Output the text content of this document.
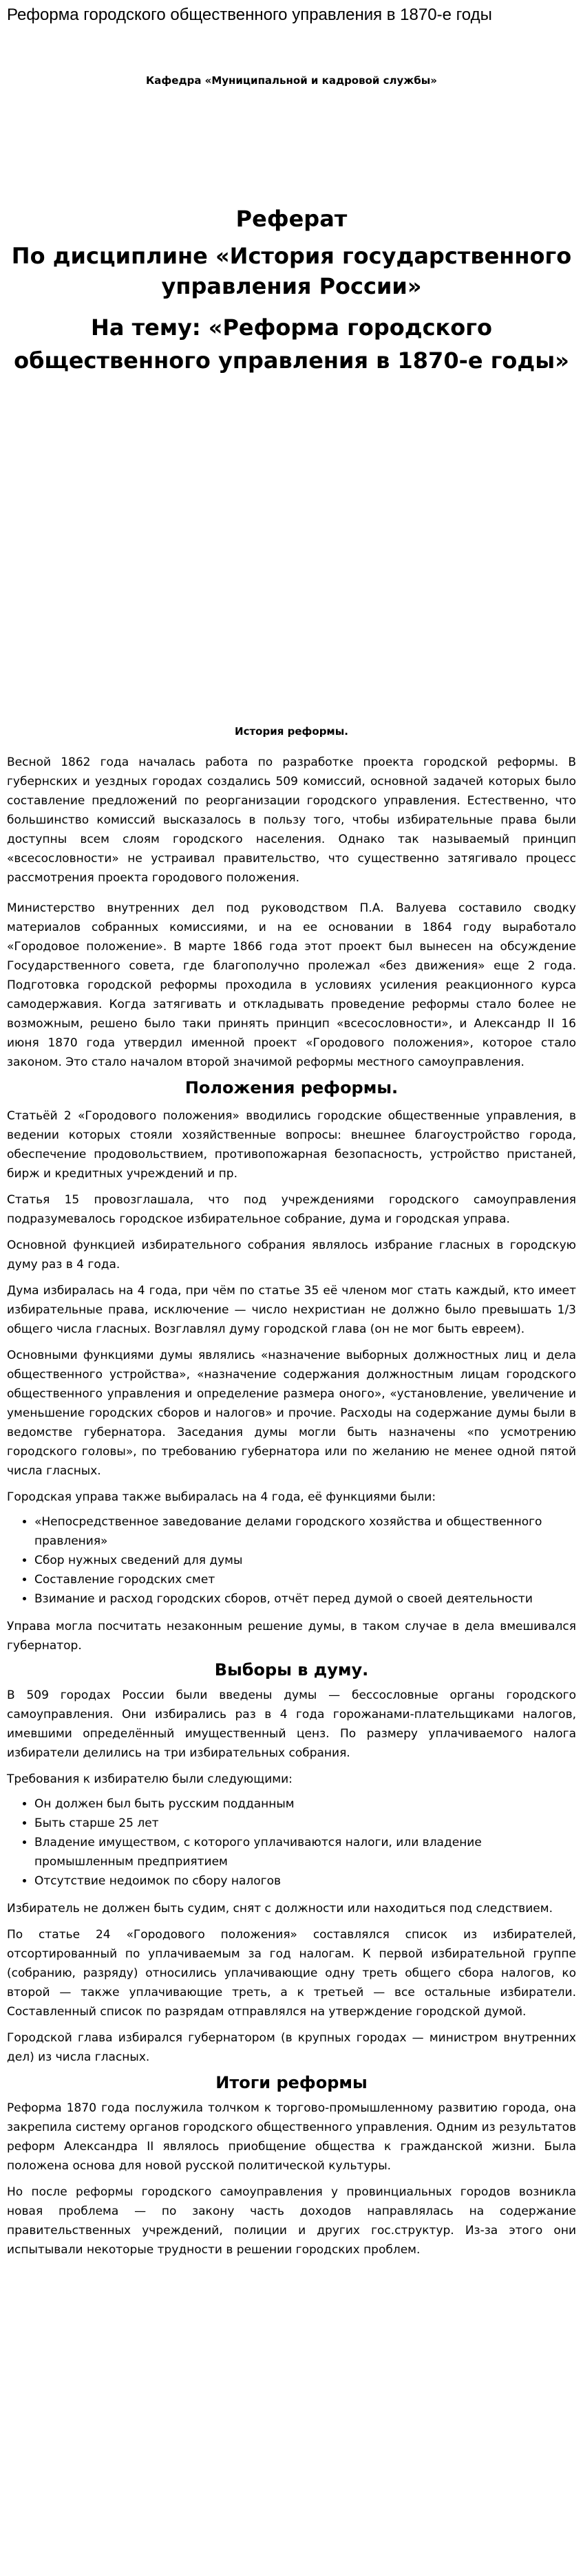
Реформа городского общественного управления в 1870-е годы
Кафедра «Муниципальной и кадровой службы»
Реферат
По дисциплине «История государственного управления России»
На тему: «Реформа городского общественного управления в 1870-е годы»
История реформы.

Весной 1862 года началась работа по разработке проекта городской реформы. В губернских и уездных городах создались 509 комиссий, основной задачей которых было составление предложений по реорганизации городского управления. Естественно, что большинство комиссий высказалось в пользу того, чтобы избирательные права были доступны всем слоям городского населения. Однако так называемый принцип «всесословности» не устраивал правительство, что существенно затягивало процесс рассмотрения проекта городового положения.

Министерство внутренних дел под руководством П.А. Валуева составило сводку материалов собранных комиссиями, и на ее основании в 1864 году выработало «Городовое положение». В марте 1866 года этот проект был вынесен на обсуждение Государственного совета, где благополучно пролежал «без движения» еще 2 года. Подготовка городской реформы проходила в условиях усиления реакционного курса самодержавия. Когда затягивать и откладывать проведение реформы стало более не возможным, решено было таки принять принцип «всесословности», и Александр II 16 июня 1870 года утвердил именной проект «Городового положения», которое стало законом. Это стало началом второй значимой реформы местного самоуправления.

Положения реформы.

Статьёй 2 «Городового положения» вводились городские общественные управления, в ведении которых стояли хозяйственные вопросы: внешнее благоустройство города, обеспечение продовольствием, противопожарная безопасность, устройство пристаней, бирж и кредитных учреждений и пр.

Статья 15 провозглашала, что под учреждениями городского самоуправления подразумевалось городское избирательное собрание, дума и городская управа.

Основной функцией избирательного собрания являлось избрание гласных в городскую думу раз в 4 года.

Дума избиралась на 4 года, при чём по статье 35 её членом мог стать каждый, кто имеет избирательные права, исключение — число нехристиан не должно было превышать 1/3 общего числа гласных. Возглавлял думу городской глава (он не мог быть евреем).

Основными функциями думы являлись «назначение выборных должностных лиц и дела общественного устройства», «назначение содержания должностным лицам городского общественного управления и определение размера оного», «установление, увеличение и уменьшение городских сборов и налогов» и прочие. Расходы на содержание думы были в ведомстве губернатора. Заседания думы могли быть назначены «по усмотрению городского головы», по требованию губернатора или по желанию не менее одной пятой числа гласных.

Городская управа также выбиралась на 4 года, её функциями были:

• «Непосредственное заведование делами городского хозяйства и общественного правления»
• Сбор нужных сведений для думы
• Составление городских смет
• Взимание и расход городских сборов, отчёт перед думой о своей деятельности

Управа могла посчитать незаконным решение думы, в таком случае в дела вмешивался губернатор.

Выборы в думу.

В 509 городах России были введены думы — бессословные органы городского самоуправления. Они избирались раз в 4 года горожанами-плательщиками налогов, имевшими определённый имущественный ценз. По размеру уплачиваемого налога избиратели делились на три избирательных собрания.

Требования к избирателю были следующими:

• Он должен был быть русским подданным
• Быть старше 25 лет
• Владение имуществом, с которого уплачиваются налоги, или владение промышленным предприятием
• Отсутствие недоимок по сбору налогов

Избиратель не должен быть судим, снят с должности или находиться под следствием.

По статье 24 «Городового положения» составлялся список из избирателей, отсортированный по уплачиваемым за год налогам. К первой избирательной группе (собранию, разряду) относились уплачивающие одну треть общего сбора налогов, ко второй — также уплачивающие треть, а к третьей — все остальные избиратели. Составленный список по разрядам отправлялся на утверждение городской думой.

Городской глава избирался губернатором (в крупных городах — министром внутренних дел) из числа гласных.

Итоги реформы

Реформа 1870 года послужила толчком к торгово-промышленному развитию города, она закрепила систему органов городского общественного управления. Одним из результатов реформ Александра II являлось приобщение общества к гражданской жизни. Была положена основа для новой русской политической культуры.

Но после реформы городского самоуправления у провинциальных городов возникла новая проблема — по закону часть доходов направлялась на содержание правительственных учреждений, полиции и других гос.структур. Из-за этого они испытывали некоторые трудности в решении городских проблем.
